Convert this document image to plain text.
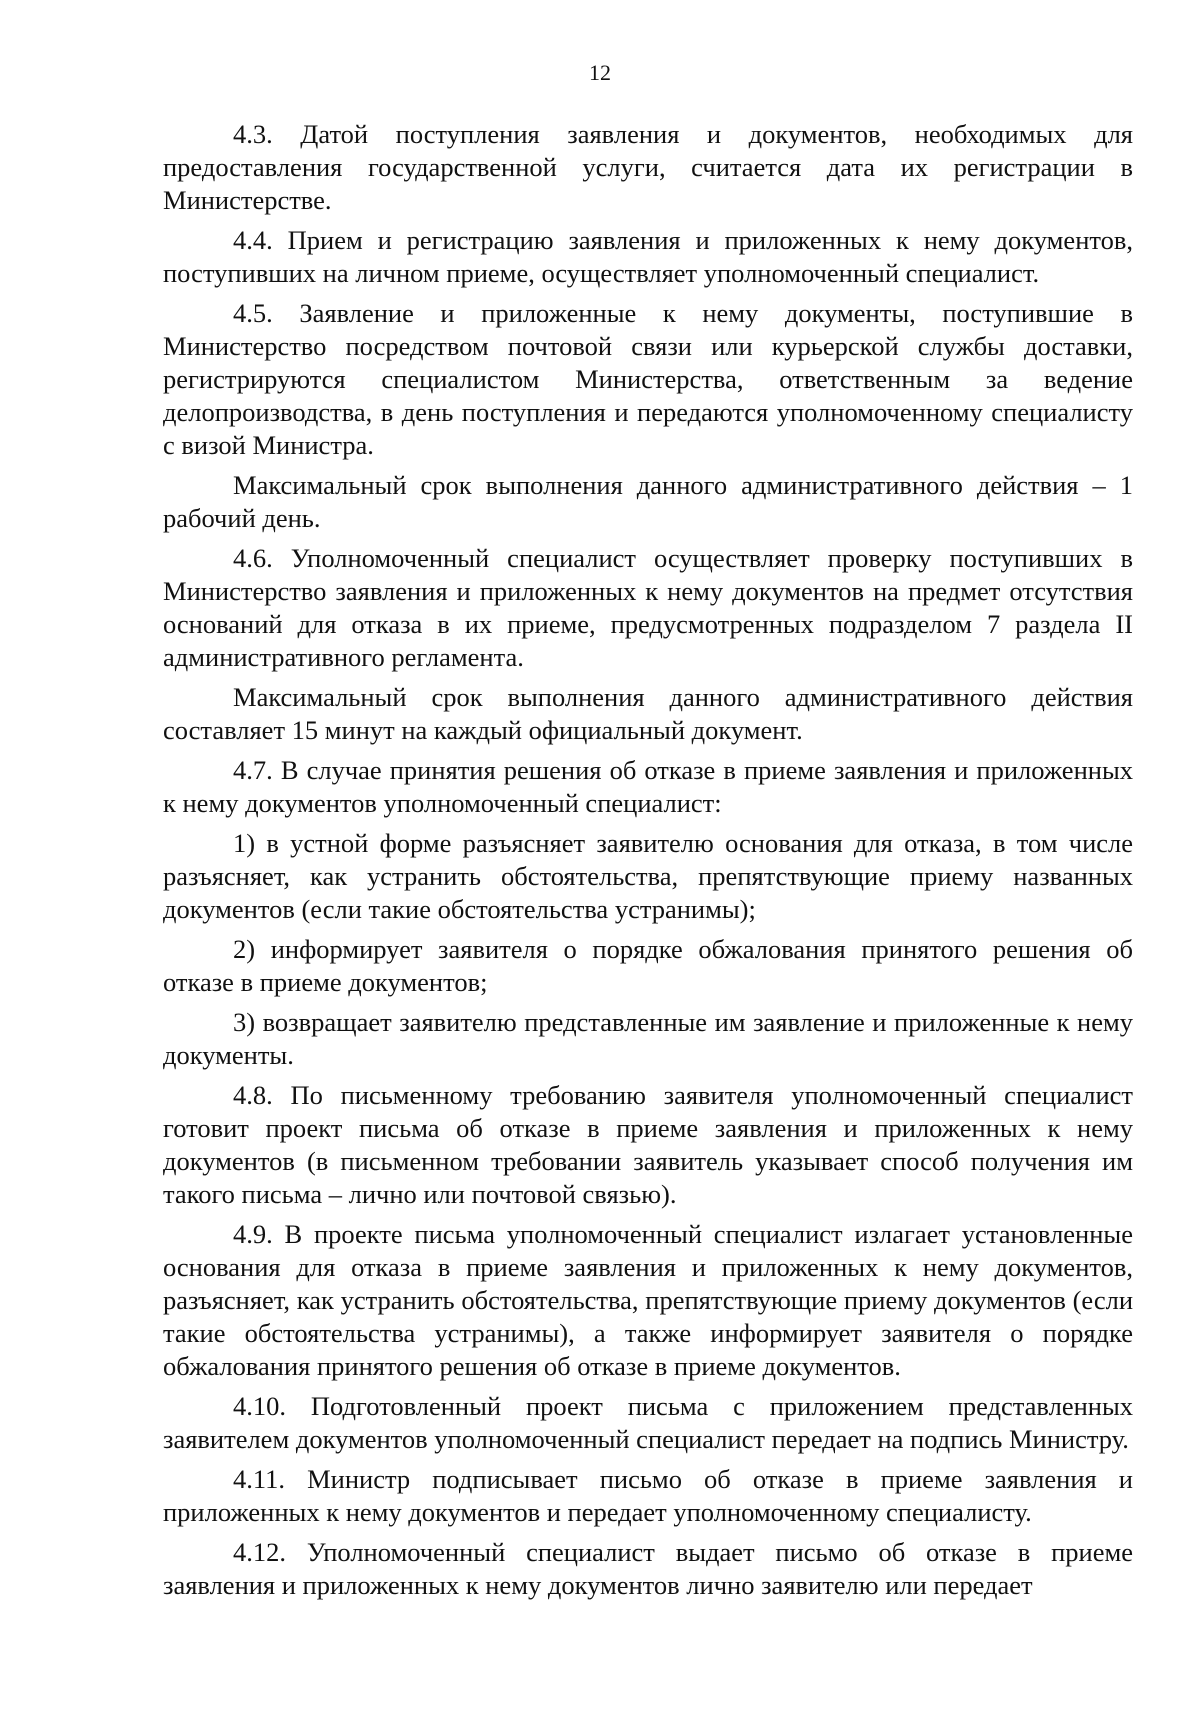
12

4.3. Датой поступления заявления и документов, необходимых для предоставления государственной услуги, считается дата их регистрации в Министерстве.

4.4. Прием и регистрацию заявления и приложенных к нему документов, поступивших на личном приеме, осуществляет уполномоченный специалист.

4.5. Заявление и приложенные к нему документы, поступившие в Министерство посредством почтовой связи или курьерской службы доставки, регистрируются специалистом Министерства, ответственным за ведение делопроизводства, в день поступления и передаются уполномоченному специалисту с визой Министра.

Максимальный срок выполнения данного административного действия – 1 рабочий день.

4.6. Уполномоченный специалист осуществляет проверку поступивших в Министерство заявления и приложенных к нему документов на предмет отсутствия оснований для отказа в их приеме, предусмотренных подразделом 7 раздела II административного регламента.

Максимальный срок выполнения данного административного действия составляет 15 минут на каждый официальный документ.

4.7. В случае принятия решения об отказе в приеме заявления и приложенных к нему документов уполномоченный специалист:

1) в устной форме разъясняет заявителю основания для отказа, в том числе разъясняет, как устранить обстоятельства, препятствующие приему названных документов (если такие обстоятельства устранимы);

2) информирует заявителя о порядке обжалования принятого решения об отказе в приеме документов;

3) возвращает заявителю представленные им заявление и приложенные к нему документы.

4.8. По письменному требованию заявителя уполномоченный специалист готовит проект письма об отказе в приеме заявления и приложенных к нему документов (в письменном требовании заявитель указывает способ получения им такого письма – лично или почтовой связью).

4.9. В проекте письма уполномоченный специалист излагает установленные основания для отказа в приеме заявления и приложенных к нему документов, разъясняет, как устранить обстоятельства, препятствующие приему документов (если такие обстоятельства устранимы), а также информирует заявителя о порядке обжалования принятого решения об отказе в приеме документов.

4.10. Подготовленный проект письма с приложением представленных заявителем документов уполномоченный специалист передает на подпись Министру.

4.11. Министр подписывает письмо об отказе в приеме заявления и приложенных к нему документов и передает уполномоченному специалисту.

4.12. Уполномоченный специалист выдает письмо об отказе в приеме заявления и приложенных к нему документов лично заявителю или передает
